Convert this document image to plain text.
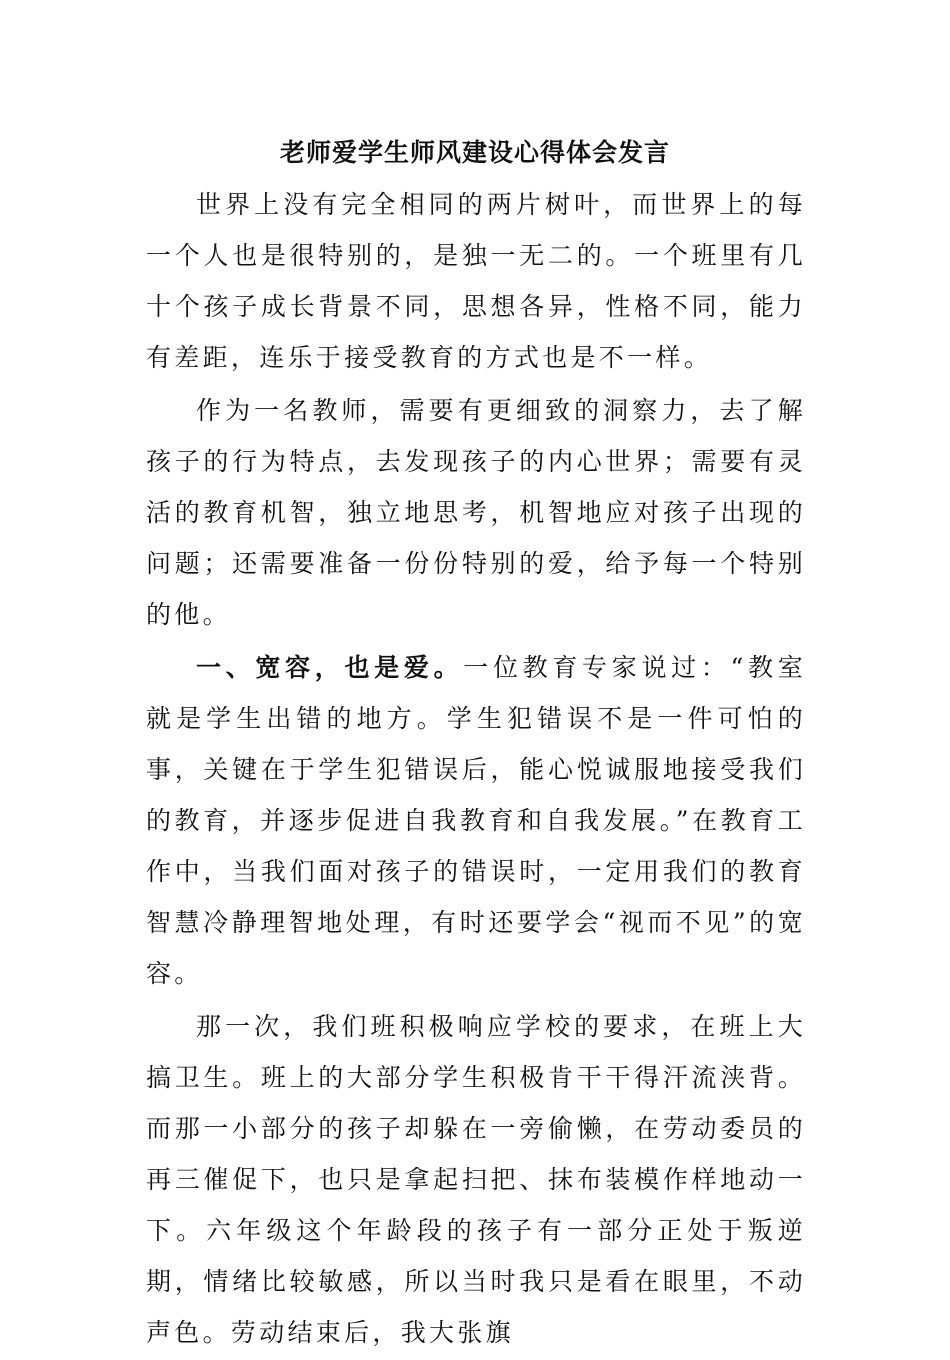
老师爱学生师风建设心得体会发言

世界上没有完全相同的两片树叶，而世界上的每一个人也是很特别的，是独一无二的。一个班里有几十个孩子成长背景不同，思想各异，性格不同，能力有差距，连乐于接受教育的方式也是不一样。

作为一名教师，需要有更细致的洞察力，去了解孩子的行为特点，去发现孩子的内心世界；需要有灵活的教育机智，独立地思考，机智地应对孩子出现的问题；还需要准备一份份特别的爱，给予每一个特别的他。

一、宽容，也是爱。一位教育专家说过：“教室就是学生出错的地方。学生犯错误不是一件可怕的事，关键在于学生犯错误后，能心悦诚服地接受我们的教育，并逐步促进自我教育和自我发展。”在教育工作中，当我们面对孩子的错误时，一定用我们的教育智慧冷静理智地处理，有时还要学会“视而不见”的宽容。

那一次，我们班积极响应学校的要求，在班上大搞卫生。班上的大部分学生积极肯干干得汗流浃背。而那一小部分的孩子却躲在一旁偷懒，在劳动委员的再三催促下，也只是拿起扫把、抹布装模作样地动一下。六年级这个年龄段的孩子有一部分正处于叛逆期，情绪比较敏感，所以当时我只是看在眼里，不动声色。劳动结束后，我大张旗
